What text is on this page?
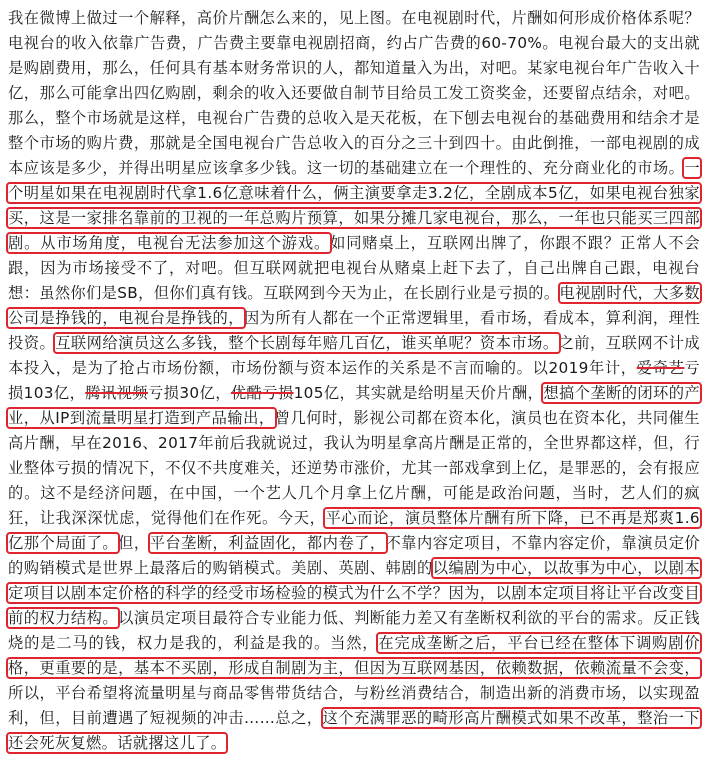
我在微博上做过一个解释，高价片酬怎么来的，见上图。在电视剧时代，片酬如何形成价格体系呢？电视台的收入依靠广告费，广告费主要靠电视剧招商，约占广告费的60-70%。电视台最大的支出就是购剧费用，那么，任何具有基本财务常识的人，都知道量入为出，对吧。某家电视台年广告收入十亿，那么可能拿出四亿购剧，剩余的收入还要做自制节目给员工发工资奖金，还要留点结余，对吧。那么，整个市场就是这样，电视台广告费的总收入是天花板，在下刨去电视台的基础费用和结余才是整个市场的购片费，那就是全国电视台广告总收入的百分之三十到四十。由此倒推，一部电视剧的成本应该是多少，并得出明星应该拿多少钱。这一切的基础建立在一个理性的、充分商业化的市场。一个明星如果在电视剧时代拿1.6亿意味着什么，俩主演要拿走3.2亿，全剧成本5亿，如果电视台独家买，这是一家排名靠前的卫视的一年总购片预算，如果分摊几家电视台，那么，一年也只能买三四部剧。从市场角度，电视台无法参加这个游戏。如同赌桌上，互联网出牌了，你跟不跟？正常人不会跟，因为市场接受不了，对吧。但互联网就把电视台从赌桌上赶下去了，自己出牌自己跟，电视台想：虽然你们是SB，但你们真有钱。互联网到今天为止，在长剧行业是亏损的。电视剧时代，大多数公司是挣钱的，电视台是挣钱的，因为所有人都在一个正常逻辑里，看市场，看成本，算利润，理性投资。互联网给演员这么多钱，整个长剧每年赔几百亿，谁买单呢？资本市场。之前，互联网不计成本投入，是为了抢占市场份额，市场份额与资本运作的关系是不言而喻的。以2019年计，爱奇艺亏损103亿，腾讯视频亏损30亿，优酷亏损105亿，其实就是给明星天价片酬，想搞个垄断的闭环的产业，从IP到流量明星打造到产品输出，曾几何时，影视公司都在资本化，演员也在资本化，共同催生高片酬，早在2016、2017年前后我就说过，我认为明星拿高片酬是正常的，全世界都这样，但，行业整体亏损的情况下，不仅不共度难关，还逆势市涨价，尤其一部戏拿到上亿，是罪恶的，会有报应的。这不是经济问题，在中国，一个艺人几个月拿上亿片酬，可能是政治问题，当时，艺人们的疯狂，让我深深忧虑，觉得他们在作死。今天，平心而论，演员整体片酬有所下降，已不再是郑爽1.6亿那个局面了。但，平台垄断，利益固化，都内卷了，不靠内容定项目，不靠内容定价，靠演员定价的购销模式是世界上最落后的购销模式。美剧、英剧、韩剧的以编剧为中心，以故事为中心，以剧本定项目以剧本定价格的科学的经受市场检验的模式为什么不学？因为，以剧本定项目将让平台改变目前的权力结构。以演员定项目最符合专业能力低、判断能力差又有垄断权利欲的平台的需求。反正钱烧的是二马的钱，权力是我的，利益是我的。当然，在完成垄断之后，平台已经在整体下调购剧价格，更重要的是，基本不买剧，形成自制剧为主，但因为互联网基因，依赖数据，依赖流量不会变，所以，平台希望将流量明星与商品零售带货结合，与粉丝消费结合，制造出新的消费市场，以实现盈利，但，目前遭遇了短视频的冲击……总之，这个充满罪恶的畸形高片酬模式如果不改革，整治一下还会死灰复燃。话就撂这儿了。
